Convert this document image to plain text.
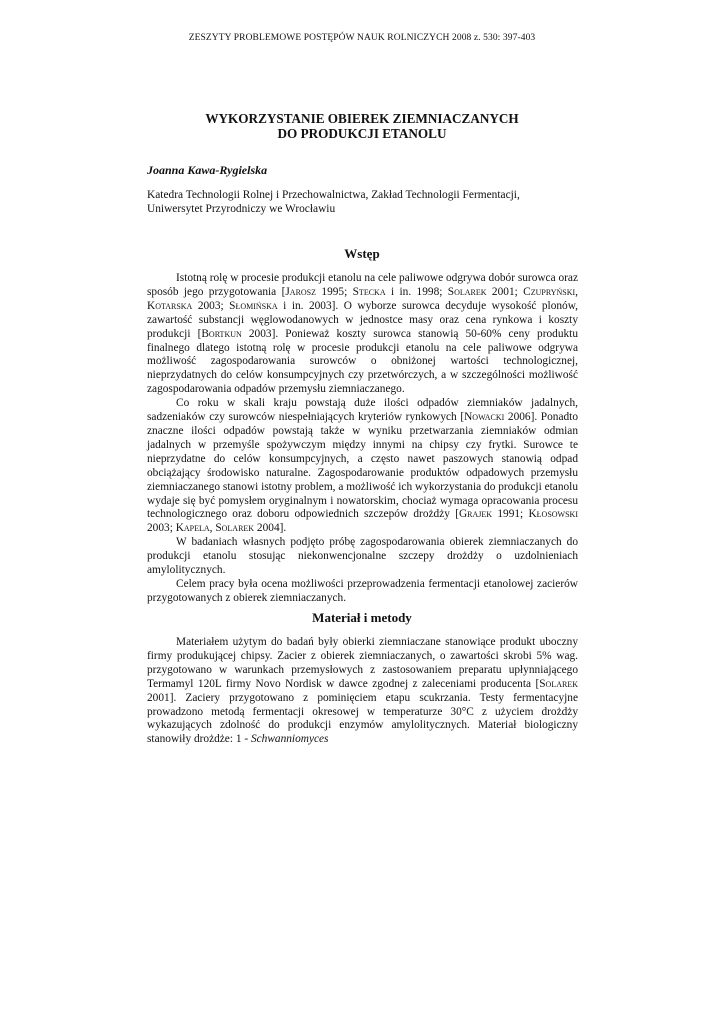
ZESZYTY PROBLEMOWE POSTĘPÓW NAUK ROLNICZYCH 2008 z. 530: 397-403
WYKORZYSTANIE OBIEREK ZIEMNIACZANYCH
DO PRODUKCJI ETANOLU
Joanna Kawa-Rygielska
Katedra Technologii Rolnej i Przechowalnictwa, Zakład Technologii Fermentacji,
Uniwersytet Przyrodniczy we Wrocławiu
Wstęp

Istotną rolę w procesie produkcji etanolu na cele paliwowe odgrywa dobór surowca oraz sposób jego przygotowania [Jarosz 1995; Stecka i in. 1998; Solarek 2001; Czupryński, Kotarska 2003; Słomińska i in. 2003]. O wyborze surowca decyduje wysokość plonów, zawartość substancji węglowodanowych w jednostce masy oraz cena rynkowa i koszty produkcji [Bortkun 2003]. Ponieważ koszty surowca stanowią 50-60% ceny produktu finalnego dlatego istotną rolę w procesie produkcji etanolu na cele paliwowe odgrywa możliwość zagospodarowania surowców o obniżonej wartości technologicznej, nieprzydatnych do celów konsumpcyjnych czy przetwórczych, a w szczególności możliwość zagospodarowania odpadów przemysłu ziemniaczanego.

Co roku w skali kraju powstają duże ilości odpadów ziemniaków jadalnych, sadzeniaków czy surowców niespełniających kryteriów rynkowych [Nowacki 2006]. Ponadto znaczne ilości odpadów powstają także w wyniku przetwarzania ziemniaków odmian jadalnych w przemyśle spożywczym między innymi na chipsy czy frytki. Surowce te nieprzydatne do celów konsumpcyjnych, a często nawet paszowych stanowią odpad obciążający środowisko naturalne. Zagospodarowanie produktów odpadowych przemysłu ziemniaczanego stanowi istotny problem, a możliwość ich wykorzystania do produkcji etanolu wydaje się być pomysłem oryginalnym i nowatorskim, chociaż wymaga opracowania procesu technologicznego oraz doboru odpowiednich szczepów drożdży [Grajek 1991; Kłosowski 2003; Kapela, Solarek 2004].

W badaniach własnych podjęto próbę zagospodarowania obierek ziemniaczanych do produkcji etanolu stosując niekonwencjonalne szczepy drożdży o uzdolnieniach amylolitycznych.

Celem pracy była ocena możliwości przeprowadzenia fermentacji etanolowej zacierów przygotowanych z obierek ziemniaczanych.

Materiał i metody

Materiałem użytym do badań były obierki ziemniaczane stanowiące produkt uboczny firmy produkującej chipsy. Zacier z obierek ziemniaczanych, o zawartości skrobi 5% wag. przygotowano w warunkach przemysłowych z zastosowaniem preparatu upłynniającego Termamyl 120L firmy Novo Nordisk w dawce zgodnej z zaleceniami producenta [Solarek 2001]. Zaciery przygotowano z pominięciem etapu scukrzania. Testy fermentacyjne prowadzono metodą fermentacji okresowej w temperaturze 30°C z użyciem drożdży wykazujących zdolność do produkcji enzymów amylolitycznych. Materiał biologiczny stanowiły drożdże: 1 - Schwanniomyces
